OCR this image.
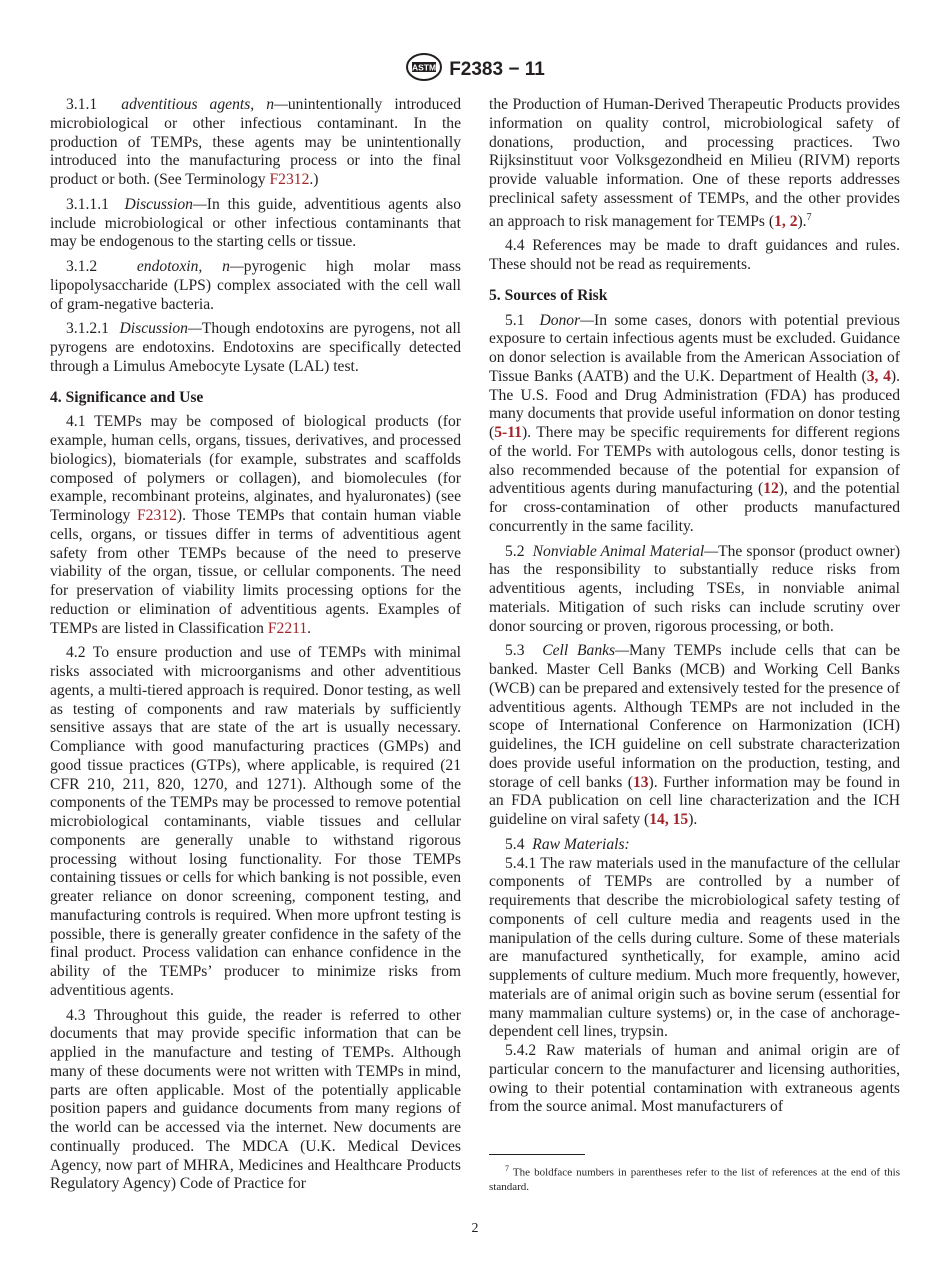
ASTM F2383 − 11

3.1.1 adventitious agents, n—unintentionally introduced microbiological or other infectious contaminant. In the production of TEMPs, these agents may be unintentionally introduced into the manufacturing process or into the final product or both. (See Terminology F2312.)

3.1.1.1 Discussion—In this guide, adventitious agents also include microbiological or other infectious contaminants that may be endogenous to the starting cells or tissue.

3.1.2	endotoxin, n—pyrogenic high molar mass lipopolysaccharide (LPS) complex associated with the cell wall of gram-negative bacteria.

3.1.2.1 Discussion—Though endotoxins are pyrogens, not all pyrogens are endotoxins. Endotoxins are specifically detected through a Limulus Amebocyte Lysate (LAL) test.

4. Significance and Use

4.1 TEMPs may be composed of biological products (for example, human cells, organs, tissues, derivatives, and processed biologics), biomaterials (for example, substrates and scaffolds composed of polymers or collagen), and biomolecules (for example, recombinant proteins, alginates, and hyaluronates) (see Terminology F2312). Those TEMPs that contain human viable cells, organs, or tissues differ in terms of adventitious agent safety from other TEMPs because of the need to preserve viability of the organ, tissue, or cellular components. The need for preservation of viability limits processing options for the reduction or elimination of adventitious agents. Examples of TEMPs are listed in Classification F2211.

4.2 To ensure production and use of TEMPs with minimal risks associated with microorganisms and other adventitious agents, a multi-tiered approach is required. Donor testing, as well as testing of components and raw materials by sufficiently sensitive assays that are state of the art is usually necessary. Compliance with good manufacturing practices (GMPs) and good tissue practices (GTPs), where applicable, is required (21 CFR 210, 211, 820, 1270, and 1271). Although some of the components of the TEMPs may be processed to remove potential microbiological contaminants, viable tissues and cellular components are generally unable to withstand rigorous processing without losing functionality. For those TEMPs containing tissues or cells for which banking is not possible, even greater reliance on donor screening, component testing, and manufacturing controls is required. When more upfront testing is possible, there is generally greater confidence in the safety of the final product. Process validation can enhance confidence in the ability of the TEMPs’ producer to minimize risks from adventitious agents.

4.3 Throughout this guide, the reader is referred to other documents that may provide specific information that can be applied in the manufacture and testing of TEMPs. Although many of these documents were not written with TEMPs in mind, parts are often applicable. Most of the potentially applicable position papers and guidance documents from many regions of the world can be accessed via the internet. New documents are continually produced. The MDCA (U.K. Medical Devices Agency, now part of MHRA, Medicines and Healthcare Products Regulatory Agency) Code of Practice for

the Production of Human-Derived Therapeutic Products provides information on quality control, microbiological safety of donations, production, and processing practices. Two Rijksinstituut voor Volksgezondheid en Milieu (RIVM) reports provide valuable information. One of these reports addresses preclinical safety assessment of TEMPs, and the other provides an approach to risk management for TEMPs (1, 2).$^7$

4.4 References may be made to draft guidances and rules. These should not be read as requirements.

5. Sources of Risk

5.1 Donor—In some cases, donors with potential previous exposure to certain infectious agents must be excluded. Guidance on donor selection is available from the American Association of Tissue Banks (AATB) and the U.K. Department of Health (3, 4). The U.S. Food and Drug Administration (FDA) has produced many documents that provide useful information on donor testing (5-11). There may be specific requirements for different regions of the world. For TEMPs with autologous cells, donor testing is also recommended because of the potential for expansion of adventitious agents during manufacturing (12), and the potential for cross-contamination of other products manufactured concurrently in the same facility.

5.2 Nonviable Animal Material—The sponsor (product owner) has the responsibility to substantially reduce risks from adventitious agents, including TSEs, in nonviable animal materials. Mitigation of such risks can include scrutiny over donor sourcing or proven, rigorous processing, or both.

5.3 Cell Banks—Many TEMPs include cells that can be banked. Master Cell Banks (MCB) and Working Cell Banks (WCB) can be prepared and extensively tested for the presence of adventitious agents. Although TEMPs are not included in the scope of International Conference on Harmonization (ICH) guidelines, the ICH guideline on cell substrate characterization does provide useful information on the production, testing, and storage of cell banks (13). Further information may be found in an FDA publication on cell line characterization and the ICH guideline on viral safety (14, 15).

5.4 Raw Materials:

5.4.1 The raw materials used in the manufacture of the cellular components of TEMPs are controlled by a number of requirements that describe the microbiological safety testing of components of cell culture media and reagents used in the manipulation of the cells during culture. Some of these materials are manufactured synthetically, for example, amino acid supplements of culture medium. Much more frequently, however, materials are of animal origin such as bovine serum (essential for many mammalian culture systems) or, in the case of anchorage-dependent cell lines, trypsin.

5.4.2 Raw materials of human and animal origin are of particular concern to the manufacturer and licensing authorities, owing to their potential contamination with extraneous agents from the source animal. Most manufacturers of

$^7$ The boldface numbers in parentheses refer to the list of references at the end of this standard.
2
